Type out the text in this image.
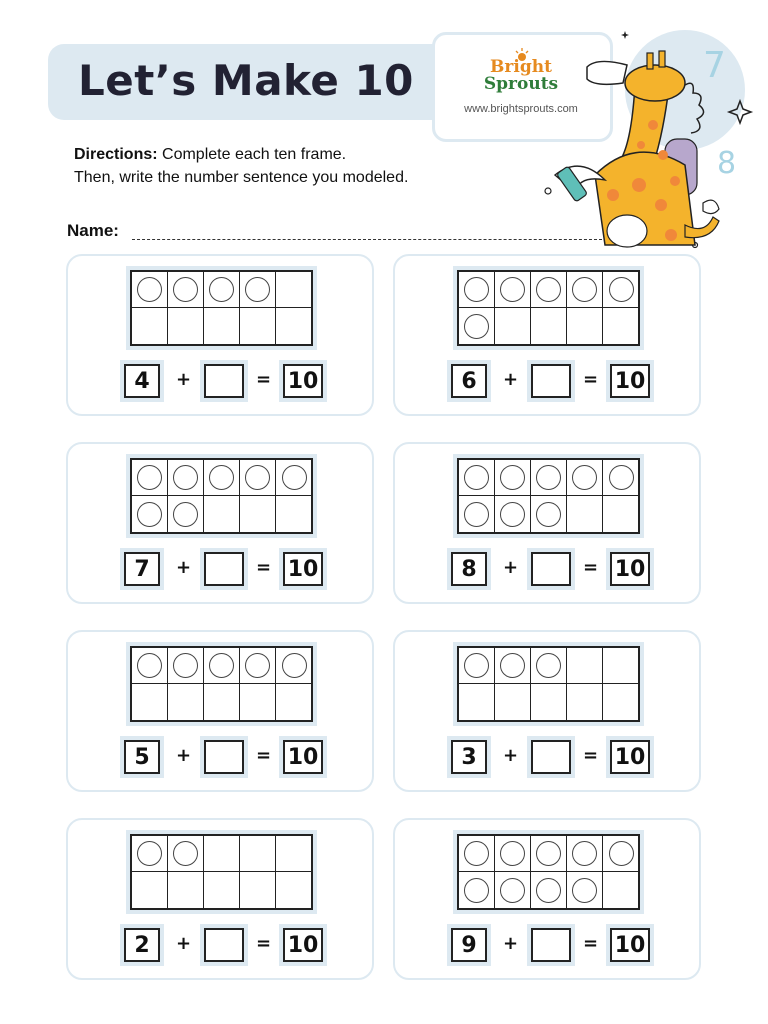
Let’s Make 10	Bright
Sprouts
www.brightsprouts.com
7
8
Directions: Complete each ten frame.
Then, write the number sentence you modeled.
Name:
4	+	= 10	6	+	= 10
7	+	= 10	8	+	= 10
5	+	= 10	3	+	= 10
2	+	= 10	9	+	= 10
